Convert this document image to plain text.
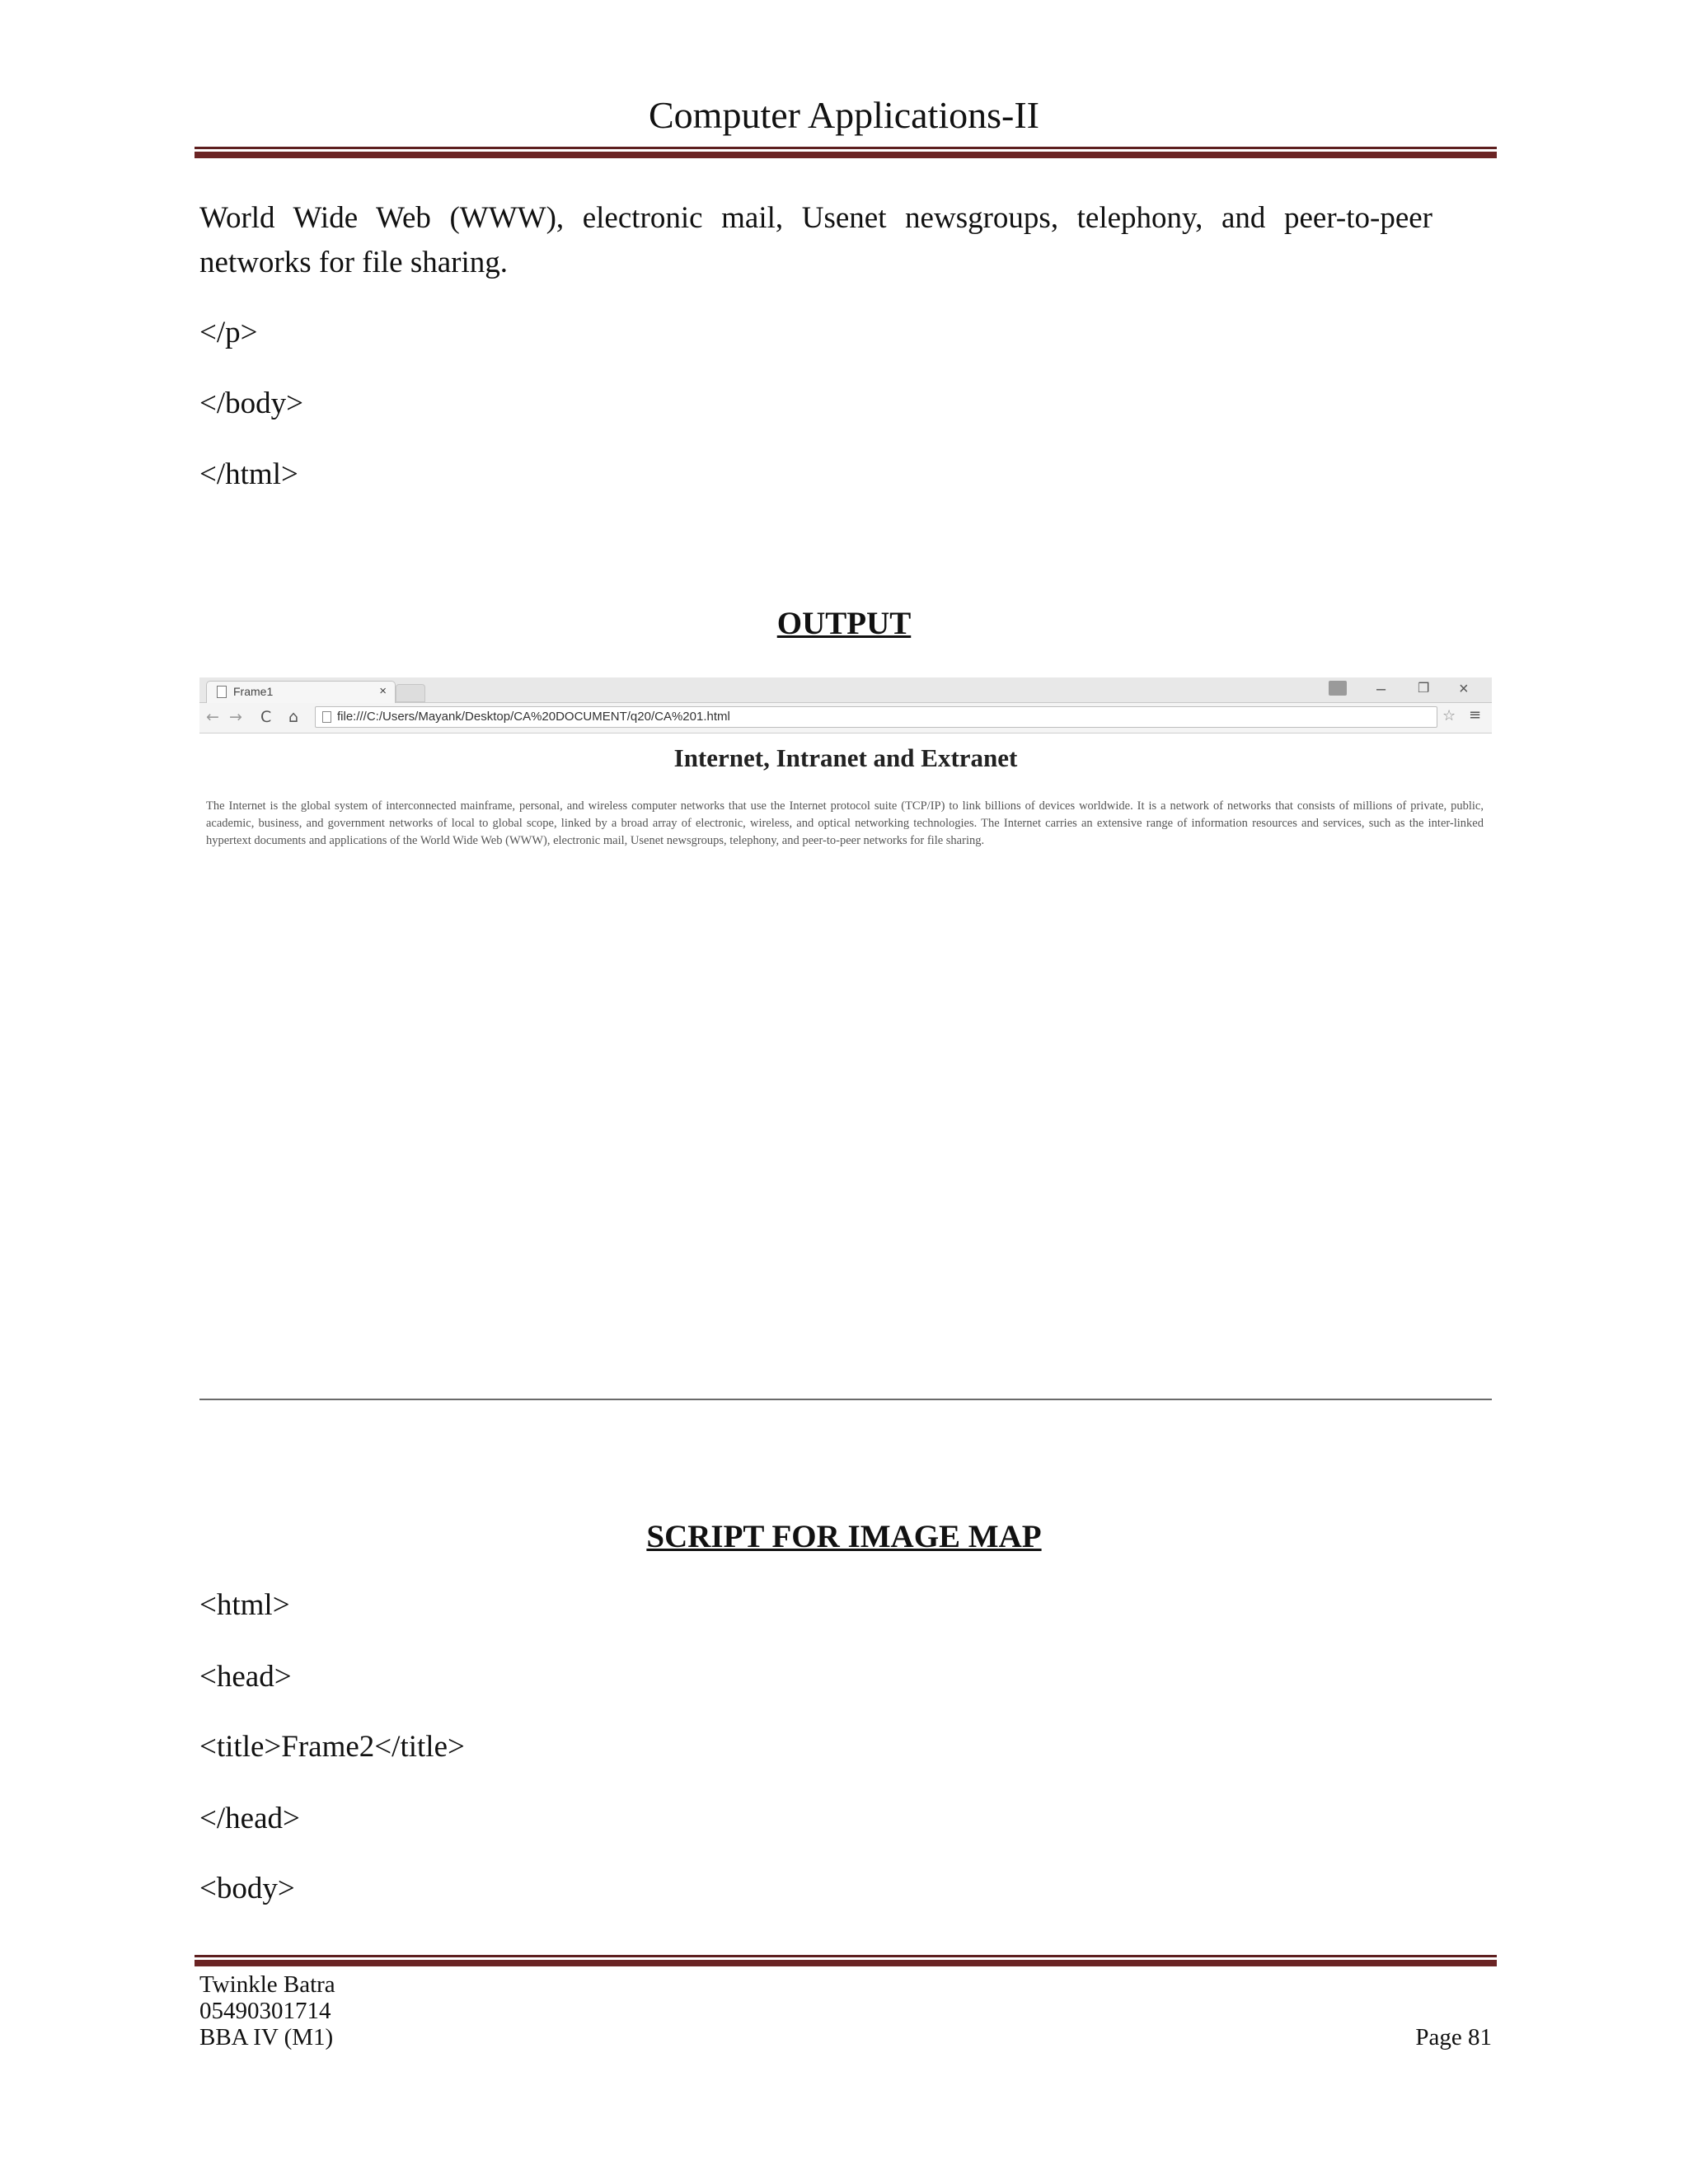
Computer Applications-II
World Wide Web (WWW), electronic mail, Usenet newsgroups, telephony, and peer-to-peer networks for file sharing.
</p>
</body>
</html>
OUTPUT
Frame1	×	– ❐ ×
← → C ⌂	file:///C:/Users/Mayank/Desktop/CA%20DOCUMENT/q20/CA%201.html	☆ ≡
Internet, Intranet and Extranet
The Internet is the global system of interconnected mainframe, personal, and wireless computer networks that use the Internet protocol suite (TCP/IP) to link billions of devices worldwide. It is a network of networks that consists of millions of private, public, academic, business, and government networks of local to global scope, linked by a broad array of electronic, wireless, and optical networking technologies. The Internet carries an extensive range of information resources and services, such as the inter-linked hypertext documents and applications of the World Wide Web (WWW), electronic mail, Usenet newsgroups, telephony, and peer-to-peer networks for file sharing.
SCRIPT FOR IMAGE MAP
<html>
<head>
<title>Frame2</title>
</head>
<body>
Twinkle Batra
05490301714
BBA IV (M1)	Page 81
